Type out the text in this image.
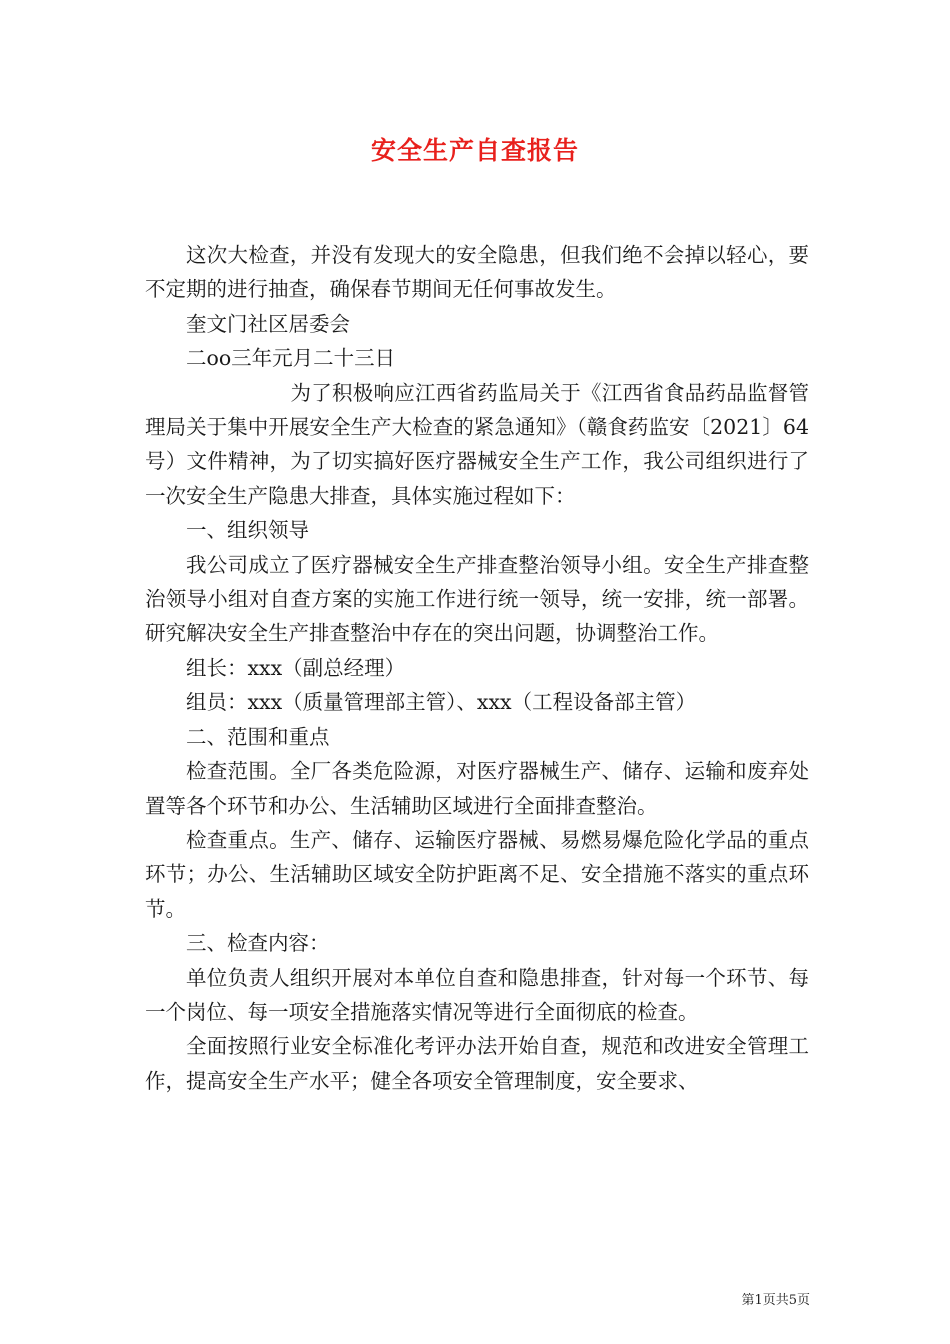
安全生产自查报告

这次大检查，并没有发现大的安全隐患，但我们绝不会掉以轻心，要不定期的进行抽查，确保春节期间无任何事故发生。

奎文门社区居委会

二oo三年元月二十三日

为了积极响应江西省药监局关于《江西省食品药品监督管理局关于集中开展安全生产大检查的紧急通知》（赣食药监安〔2021〕64号）文件精神，为了切实搞好医疗器械安全生产工作，我公司组织进行了一次安全生产隐患大排查，具体实施过程如下：

一、组织领导

我公司成立了医疗器械安全生产排查整治领导小组。安全生产排查整治领导小组对自查方案的实施工作进行统一领导，统一安排，统一部署。研究解决安全生产排查整治中存在的突出问题，协调整治工作。

组长：xxx（副总经理）

组员：xxx（质量管理部主管）、xxx（工程设备部主管）

二、范围和重点

检查范围。全厂各类危险源，对医疗器械生产、储存、运输和废弃处置等各个环节和办公、生活辅助区域进行全面排查整治。

检查重点。生产、储存、运输医疗器械、易燃易爆危险化学品的重点环节；办公、生活辅助区域安全防护距离不足、安全措施不落实的重点环节。

三、检查内容：

单位负责人组织开展对本单位自查和隐患排查，针对每一个环节、每一个岗位、每一项安全措施落实情况等进行全面彻底的检查。

全面按照行业安全标准化考评办法开始自查，规范和改进安全管理工作，提高安全生产水平；健全各项安全管理制度，安全要求、

第1页共5页
